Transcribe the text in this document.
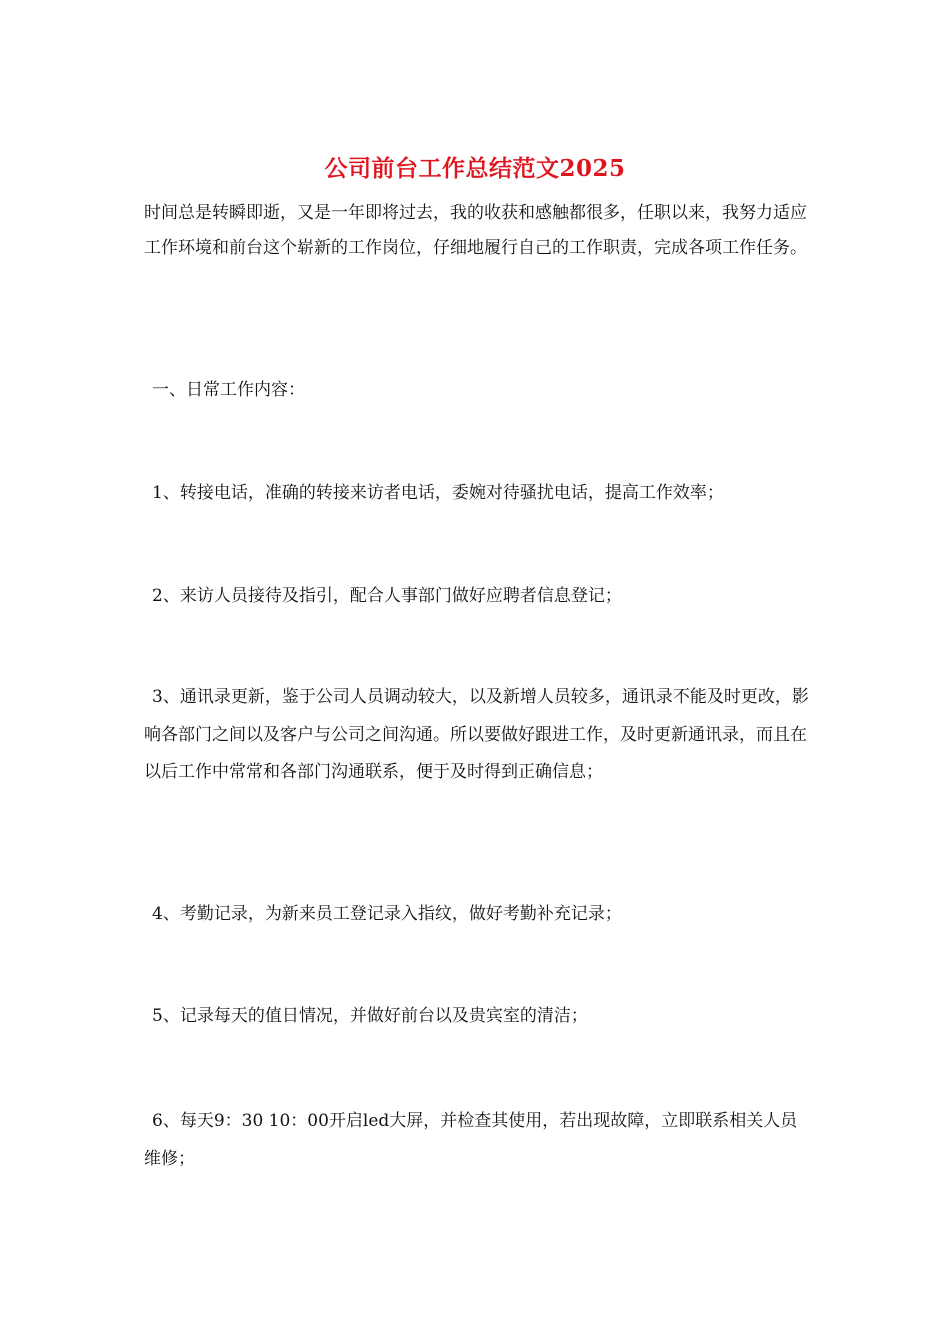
公司前台工作总结范文2025
时间总是转瞬即逝，又是一年即将过去，我的收获和感触都很多，任职以来，我努力适应工作环境和前台这个崭新的工作岗位，仔细地履行自己的工作职责，完成各项工作任务。
一、日常工作内容：
1、转接电话，准确的转接来访者电话，委婉对待骚扰电话，提高工作效率；
2、来访人员接待及指引，配合人事部门做好应聘者信息登记；
3、通讯录更新，鉴于公司人员调动较大，以及新增人员较多，通讯录不能及时更改，影响各部门之间以及客户与公司之间沟通。所以要做好跟进工作，及时更新通讯录，而且在以后工作中常常和各部门沟通联系，便于及时得到正确信息；
4、考勤记录，为新来员工登记录入指纹，做好考勤补充记录；
5、记录每天的值日情况，并做好前台以及贵宾室的清洁；
6、每天9：30 10：00开启led大屏，并检查其使用，若出现故障，立即联系相关人员维修；
